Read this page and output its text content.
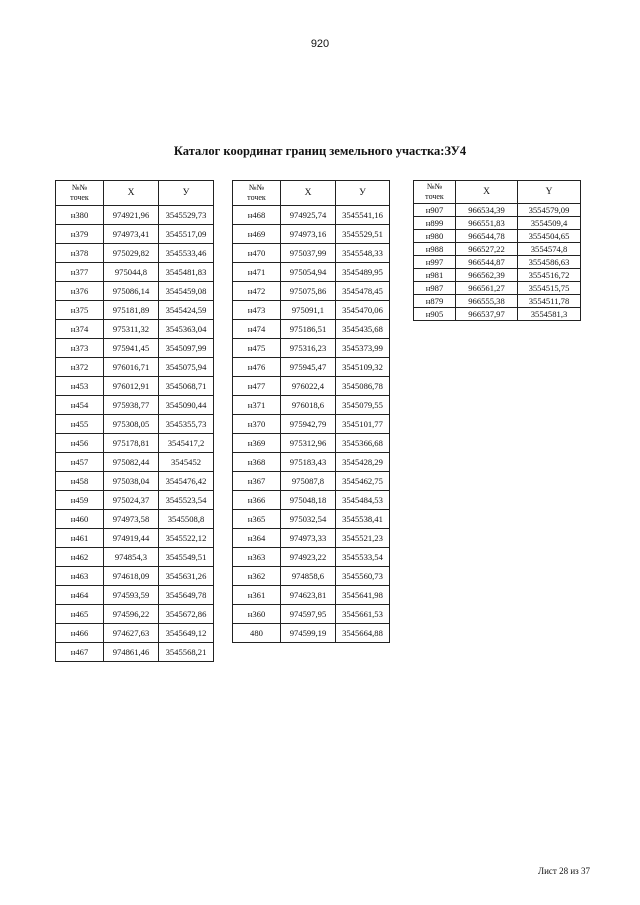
920
Каталог координат границ земельного участка:ЗУ4
№№
точек	X	У
н380	974921,96	3545529,73
н379	974973,41	3545517,09
н378	975029,82	3545533,46
н377	975044,8	3545481,83
н376	975086,14	3545459,08
н375	975181,89	3545424,59
н374	975311,32	3545363,04
н373	975941,45	3545097,99
н372	976016,71	3545075,94
н453	976012,91	3545068,71
н454	975938,77	3545090,44
н455	975308,05	3545355,73
н456	975178,81	3545417,2
н457	975082,44	3545452
н458	975038,04	3545476,42
н459	975024,37	3545523,54
н460	974973,58	3545508,8
н461	974919,44	3545522,12
н462	974854,3	3545549,51
н463	974618,09	3545631,26
н464	974593,59	3545649,78
н465	974596,22	3545672,86
н466	974627,63	3545649,12
н467	974861,46	3545568,21
№№
точек	X	У
н468	974925,74	3545541,16
н469	974973,16	3545529,51
н470	975037,99	3545548,33
н471	975054,94	3545489,95
н472	975075,86	3545478,45
н473	975091,1	3545470,06
н474	975186,51	3545435,68
н475	975316,23	3545373,99
н476	975945,47	3545109,32
н477	976022,4	3545086,78
н371	976018,6	3545079,55
н370	975942,79	3545101,77
н369	975312,96	3545366,68
н368	975183,43	3545428,29
н367	975087,8	3545462,75
н366	975048,18	3545484,53
н365	975032,54	3545538,41
н364	974973,33	3545521,23
н363	974923,22	3545533,54
н362	974858,6	3545560,73
н361	974623,81	3545641,98
н360	974597,95	3545661,53
480	974599,19	3545664,88
№№
точек	X	Y
н907	966534,39	3554579,09
н899	966551,83	3554509,4
н980	966544,78	3554504,65
н988	966527,22	3554574,8
н997	966544,87	3554586,63
н981	966562,39	3554516,72
н987	966561,27	3554515,75
н879	966555,38	3554511,78
н905	966537,97	3554581,3
Лист 28 из 37
